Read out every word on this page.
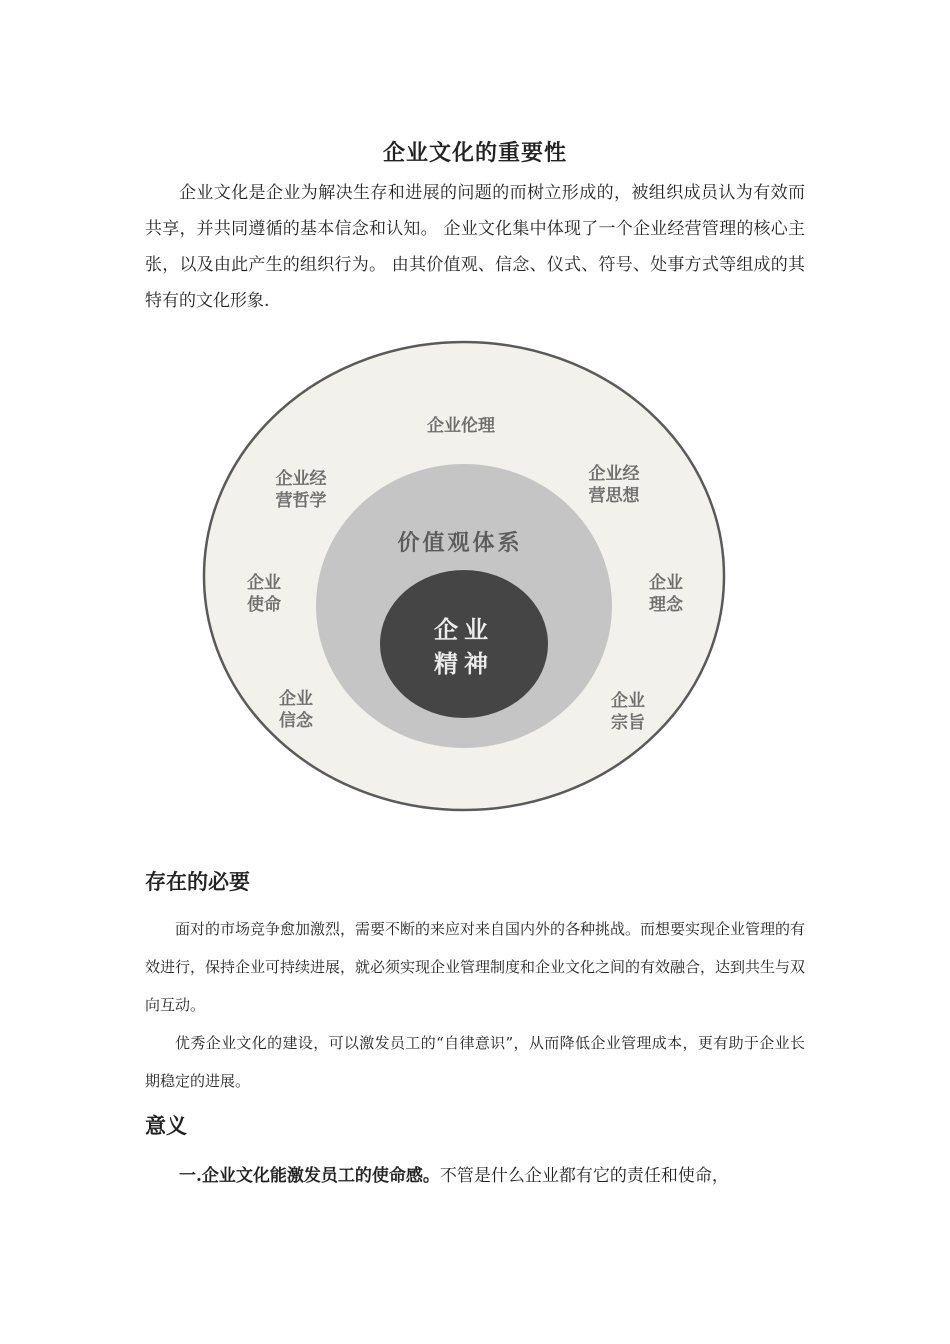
企业文化的重要性

企业文化是企业为解决生存和进展的问题的而树立形成的，被组织成员认为有效而共享，并共同遵循的基本信念和认知。 企业文化集中体现了一个企业经营管理的核心主张，以及由此产生的组织行为。 由其价值观、信念、仪式、符号、处事方式等组成的其特有的文化形象.

企业伦理
企业经
营哲学
企业经
营思想
企业
使命
企业
理念
企业
信念
企业
宗旨
价值观体系
企业
精神
存在的必要

面对的市场竞争愈加激烈，需要不断的来应对来自国内外的各种挑战。而想要实现企业管理的有效进行，保持企业可持续进展，就必须实现企业管理制度和企业文化之间的有效融合，达到共生与双向互动。

优秀企业文化的建设，可以激发员工的“自律意识”，从而降低企业管理成本，更有助于企业长期稳定的进展。

意义

一.企业文化能激发员工的使命感。不管是什么企业都有它的责任和使命，
